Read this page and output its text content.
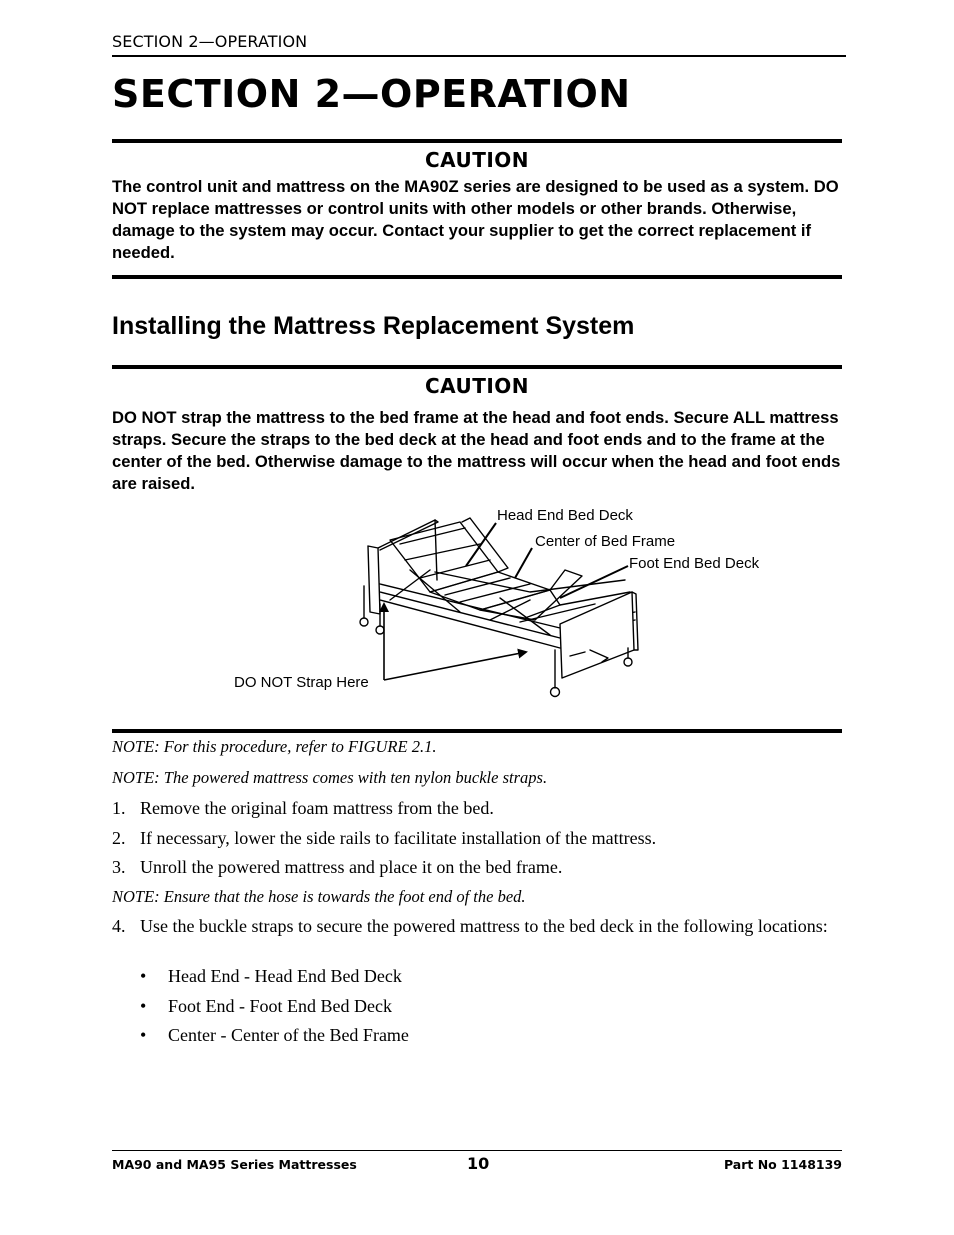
SECTION 2—OPERATION
SECTION 2—OPERATION
CAUTION
The control unit and mattress on the MA90Z series are designed to be used as a system. DO NOT replace mattresses or control units with other models or other brands. Otherwise, damage to the system may occur. Contact your supplier to get the correct replacement if needed.
Installing the Mattress Replacement System
CAUTION
DO NOT strap the mattress to the bed frame at the head and foot ends. Secure ALL mattress straps. Secure the straps to the bed deck at the head and foot ends and to the frame at the center of the bed. Otherwise damage to the mattress will occur when the head and foot ends are raised.
Head End Bed Deck
Center of Bed Frame
Foot End Bed Deck
DO NOT Strap Here
NOTE: For this procedure, refer to FIGURE 2.1.
NOTE: The powered mattress comes with ten nylon buckle straps.
1. Remove the original foam mattress from the bed.
2. If necessary, lower the side rails to facilitate installation of the mattress.
3. Unroll the powered mattress and place it on the bed frame.
NOTE: Ensure that the hose is towards the foot end of the bed.
4. Use the buckle straps to secure the powered mattress to the bed deck in the following locations:
• Head End - Head End Bed Deck
• Foot End - Foot End Bed Deck
• Center - Center of the Bed Frame
MA90 and MA95 Series Mattresses	10	Part No 1148139
